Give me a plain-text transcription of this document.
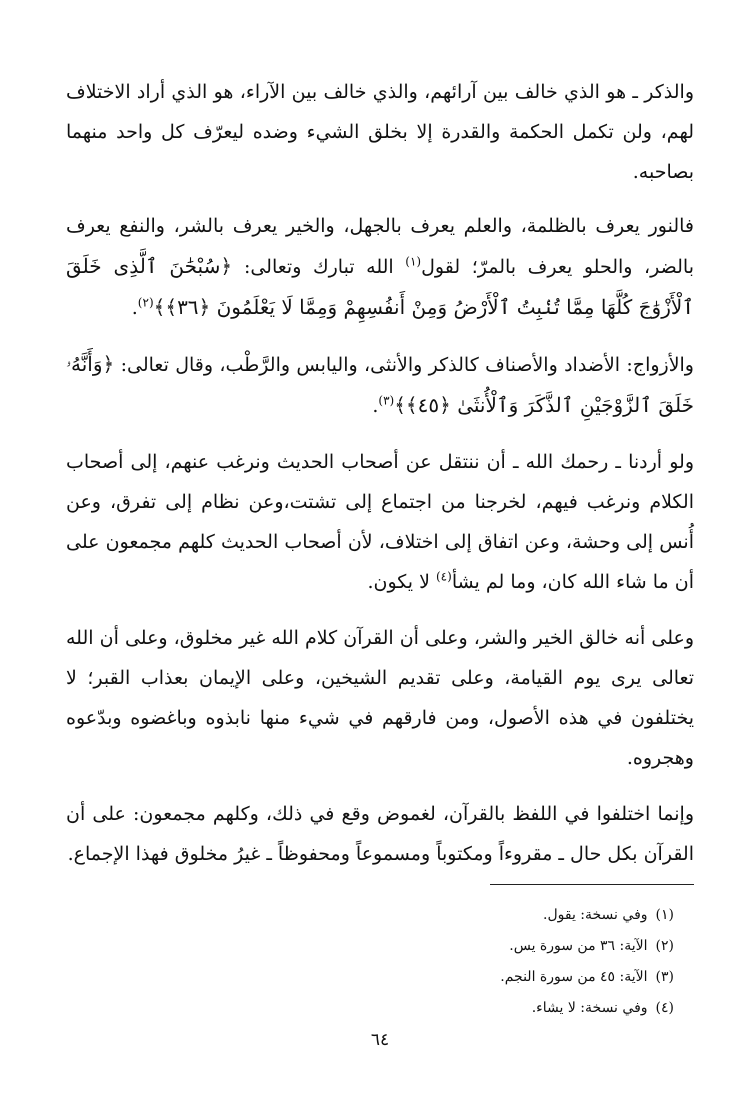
والذكر ـ هو الذي خالف بين آرائهم، والذي خالف بين الآراء، هو الذي أراد الاختلاف لهم، ولن تكمل الحكمة والقدرة إلا بخلق الشيء وضده ليعرّف كل واحد منهما بصاحبه.

فالنور يعرف بالظلمة، والعلم يعرف بالجهل، والخير يعرف بالشر، والنفع يعرف بالضر، والحلو يعرف بالمرّ؛ لقول$^{(١)}$ الله تبارك وتعالى: ﴿سُبْحَٰنَ ٱلَّذِى خَلَقَ ٱلْأَزْوَٰجَ كُلَّهَا مِمَّا تُنۢبِتُ ٱلْأَرْضُ وَمِنْ أَنفُسِهِمْ وَمِمَّا لَا يَعْلَمُونَ ﴿٣٦﴾﴾$^{(٢)}$.

والأزواج: الأضداد والأصناف كالذكر والأنثى، واليابس والرَّطْب، وقال تعالى: ﴿وَأَنَّهُۥ خَلَقَ ٱلزَّوْجَيْنِ ٱلذَّكَرَ وَٱلْأُنثَىٰ ﴿٤٥﴾﴾$^{(٣)}$.

ولو أردنا ـ رحمك الله ـ أن ننتقل عن أصحاب الحديث ونرغب عنهم، إلى أصحاب الكلام ونرغب فيهم، لخرجنا من اجتماع إلى تشتت،وعن نظام إلى تفرق، وعن أُنس إلى وحشة، وعن اتفاق إلى اختلاف، لأن أصحاب الحديث كلهم مجمعون على أن ما شاء الله كان، وما لم يشأ$^{(٤)}$ لا يكون.

وعلى أنه خالق الخير والشر، وعلى أن القرآن كلام الله غير مخلوق، وعلى أن الله تعالى يرى يوم القيامة، وعلى تقديم الشيخين، وعلى الإيمان بعذاب القبر؛ لا يختلفون في هذه الأصول، ومن فارقهم في شيء منها نابذوه وباغضوه وبدّعوه وهجروه.

وإنما اختلفوا في اللفظ بالقرآن، لغموض وقع في ذلك، وكلهم مجمعون: على أن القرآن بكل حال ـ مقروءاً ومكتوباً ومسموعاً ومحفوظاً ـ غيرُ مخلوق فهذا الإجماع.

(١)وفي نسخة: يقول.
(٢)الآية: ٣٦ من سورة يس.
(٣)الآية: ٤٥ من سورة النجم.
(٤)وفي نسخة: لا يشاء.
٦٤
